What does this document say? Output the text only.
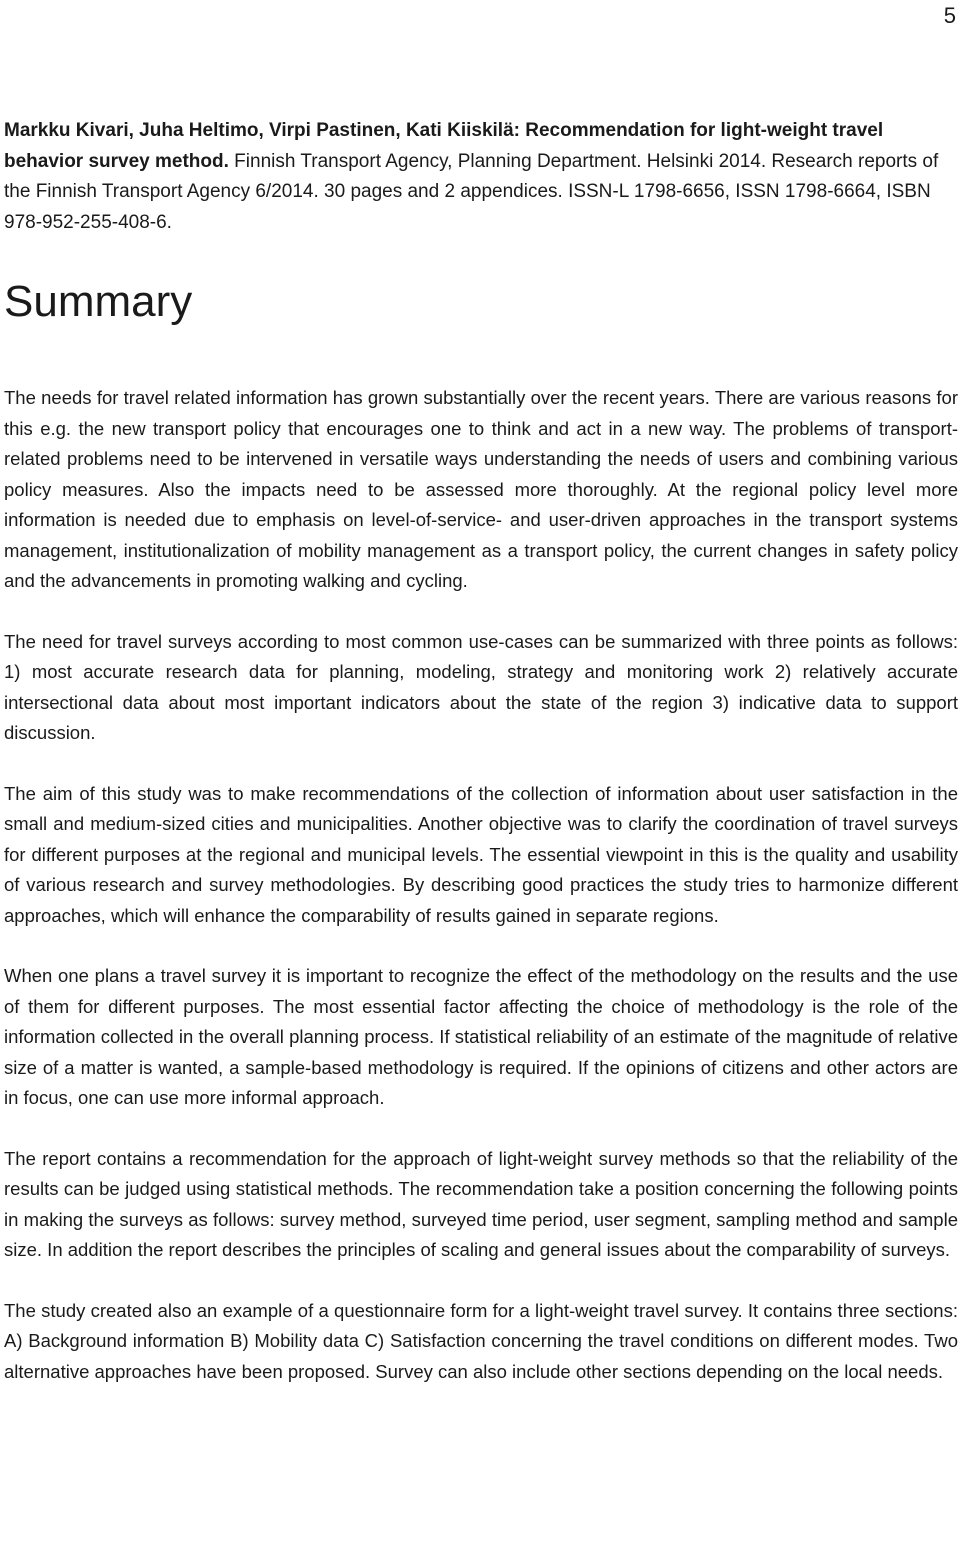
5
Markku Kivari, Juha Heltimo, Virpi Pastinen, Kati Kiiskilä: Recommendation for light-weight travel behavior survey method. Finnish Transport Agency, Planning Department. Helsinki 2014. Research reports of the Finnish Transport Agency 6/2014. 30 pages and 2 appendices. ISSN-L 1798-6656, ISSN 1798-6664, ISBN 978-952-255-408-6.
Summary

The needs for travel related information has grown substantially over the recent years. There are various reasons for this e.g. the new transport policy that encourages one to think and act in a new way. The problems of transport-related problems need to be intervened in versatile ways understanding the needs of users and combining various policy measures. Also the impacts need to be assessed more thoroughly. At the regional policy level more information is needed due to emphasis on level-of-service- and user-driven approaches in the transport systems management, institutionalization of mobility management as a transport policy, the current changes in safety policy and the advancements in promoting walking and cycling.

The need for travel surveys according to most common use-cases can be summarized with three points as follows: 1) most accurate research data for planning, modeling, strategy and monitoring work 2) relatively accurate intersectional data about most important indicators about the state of the region 3) indicative data to support discussion.

The aim of this study was to make recommendations of the collection of information about user satisfaction in the small and medium-sized cities and municipalities. Another objective was to clarify the coordination of travel surveys for different purposes at the regional and municipal levels. The essential viewpoint in this is the quality and usability of various research and survey methodologies. By describing good practices the study tries to harmonize different approaches, which will enhance the comparability of results gained in separate regions.

When one plans a travel survey it is important to recognize the effect of the methodology on the results and the use of them for different purposes. The most essential factor affecting the choice of methodology is the role of the information collected in the overall planning process. If statistical reliability of an estimate of the magnitude of relative size of a matter is wanted, a sample-based methodology is required. If the opinions of citizens and other actors are in focus, one can use more informal approach.

The report contains a recommendation for the approach of light-weight survey methods so that the reliability of the results can be judged using statistical methods. The recommendation take a position concerning the following points in making the surveys as follows: survey method, surveyed time period, user segment, sampling method and sample size. In addition the report describes the principles of scaling and general issues about the comparability of surveys.

The study created also an example of a questionnaire form for a light-weight travel survey. It contains three sections: A) Background information B) Mobility data C) Satisfaction concerning the travel conditions on different modes. Two alternative approaches have been proposed. Survey can also include other sections depending on the local needs.
